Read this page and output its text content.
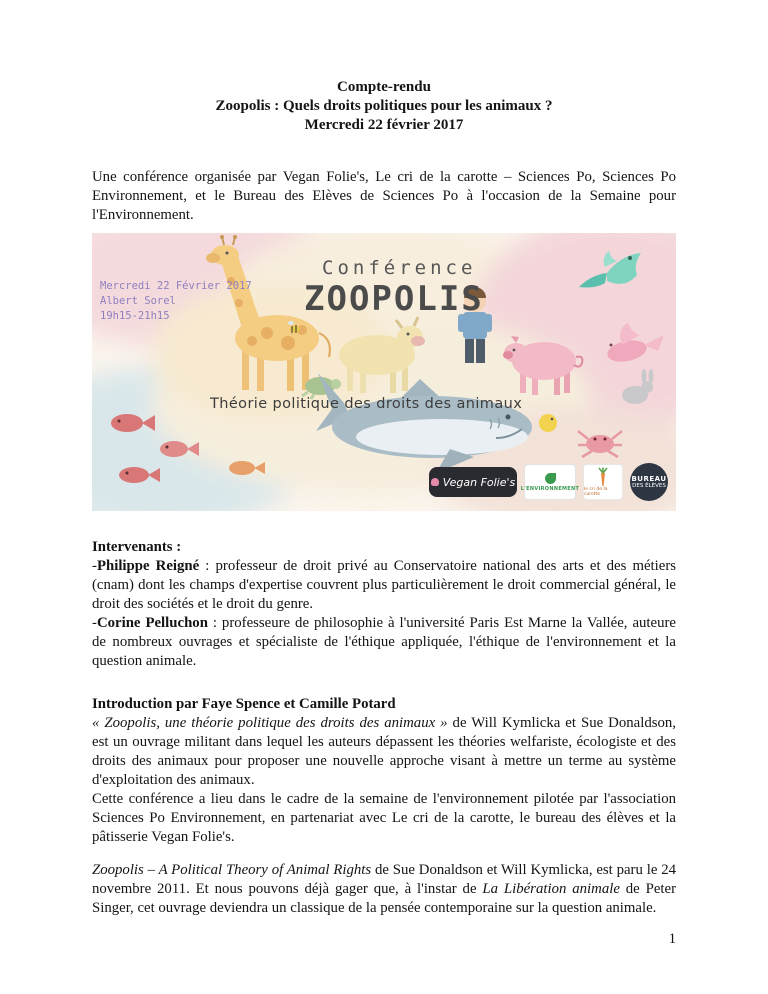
Compte-rendu
Zoopolis : Quels droits politiques pour les animaux ?
Mercredi 22 février 2017

Une conférence organisée par Vegan Folie's, Le cri de la carotte – Sciences Po, Sciences Po Environnement, et le Bureau des Elèves de Sciences Po à l'occasion de la Semaine pour l'Environnement.

Mercredi 22 Février 2017
Albert Sorel
19h15-21h15
Conférence
ZOOPOLIS
Théorie politique des droits des animaux
Vegan Folie's L'ENVIRONNEMENT le cri de la carotte
BUREAU
DES ÉLÈVES
Intervenants :

-Philippe Reigné : professeur de droit privé au Conservatoire national des arts et des métiers (cnam) dont les champs d'expertise couvrent plus particulièrement le droit commercial général, le droit des sociétés et le droit du genre.

-Corine Pelluchon : professeure de philosophie à l'université Paris Est Marne la Vallée, auteure de nombreux ouvrages et spécialiste de l'éthique appliquée, l'éthique de l'environnement et la question animale.

Introduction par Faye Spence et Camille Potard

« Zoopolis, une théorie politique des droits des animaux » de Will Kymlicka et Sue Donaldson, est un ouvrage militant dans lequel les auteurs dépassent les théories welfariste, écologiste et des droits des animaux pour proposer une nouvelle approche visant à mettre un terme au système d'exploitation des animaux.

Cette conférence a lieu dans le cadre de la semaine de l'environnement pilotée par l'association Sciences Po Environnement, en partenariat avec Le cri de la carotte, le bureau des élèves et la pâtisserie Vegan Folie's.

Zoopolis – A Political Theory of Animal Rights de Sue Donaldson et Will Kymlicka, est paru le 24 novembre 2011. Et nous pouvons déjà gager que, à l'instar de La Libération animale de Peter Singer, cet ouvrage deviendra un classique de la pensée contemporaine sur la question animale.

1
